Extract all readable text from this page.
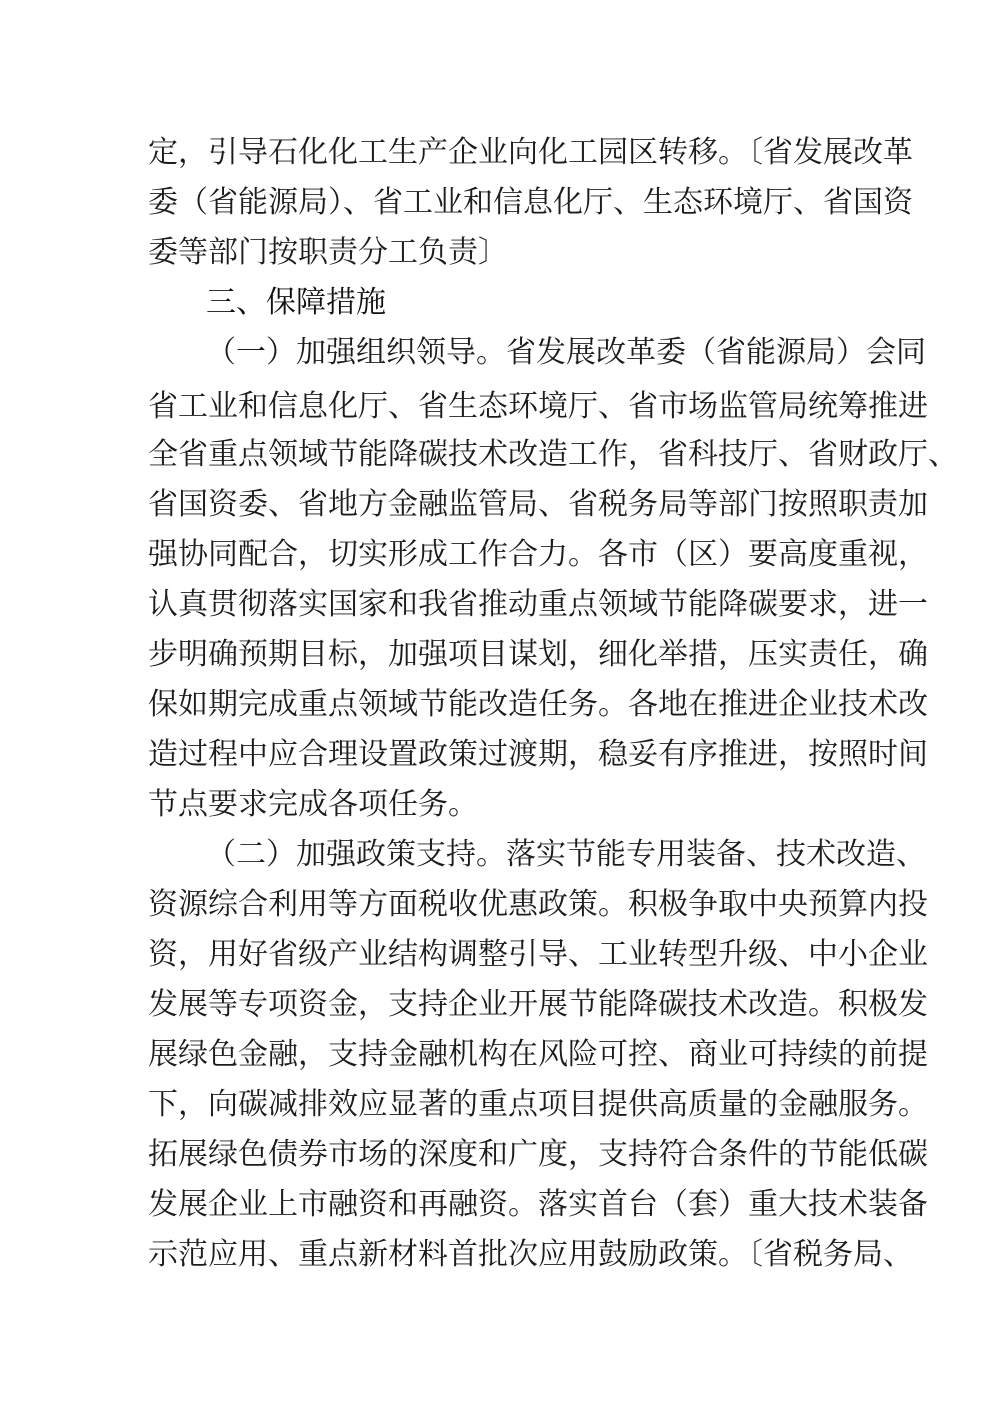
定，引导石化化工生产企业向化工园区转移。〔省发展改革
委（省能源局）、省工业和信息化厅、生态环境厅、省国资
委等部门按职责分工负责〕
三、保障措施
（一）加强组织领导。省发展改革委（省能源局）会同
省工业和信息化厅、省生态环境厅、省市场监管局统筹推进
全省重点领域节能降碳技术改造工作，省科技厅、省财政厅、
省国资委、省地方金融监管局、省税务局等部门按照职责加
强协同配合，切实形成工作合力。各市（区）要高度重视，
认真贯彻落实国家和我省推动重点领域节能降碳要求，进一
步明确预期目标，加强项目谋划，细化举措，压实责任，确
保如期完成重点领域节能改造任务。各地在推进企业技术改
造过程中应合理设置政策过渡期，稳妥有序推进，按照时间
节点要求完成各项任务。
（二）加强政策支持。落实节能专用装备、技术改造、
资源综合利用等方面税收优惠政策。积极争取中央预算内投
资，用好省级产业结构调整引导、工业转型升级、中小企业
发展等专项资金，支持企业开展节能降碳技术改造。积极发
展绿色金融，支持金融机构在风险可控、商业可持续的前提
下，向碳减排效应显著的重点项目提供高质量的金融服务。
拓展绿色债券市场的深度和广度，支持符合条件的节能低碳
发展企业上市融资和再融资。落实首台（套）重大技术装备
示范应用、重点新材料首批次应用鼓励政策。〔省税务局、
